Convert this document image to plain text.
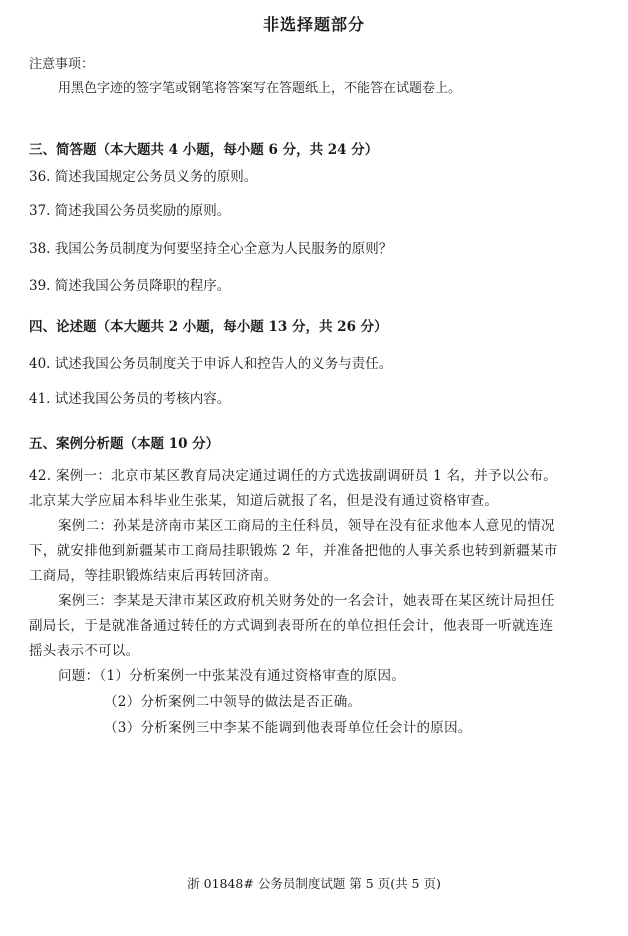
非选择题部分
注意事项：
用黑色字迹的签字笔或钢笔将答案写在答题纸上，不能答在试题卷上。
三、简答题（本大题共 4 小题，每小题 6 分，共 24 分）
36. 简述我国规定公务员义务的原则。
37. 简述我国公务员奖励的原则。
38. 我国公务员制度为何要坚持全心全意为人民服务的原则？
39. 简述我国公务员降职的程序。
四、论述题（本大题共 2 小题，每小题 13 分，共 26 分）
40. 试述我国公务员制度关于申诉人和控告人的义务与责任。
41. 试述我国公务员的考核内容。
五、案例分析题（本题 10 分）
42. 案例一：北京市某区教育局决定通过调任的方式选拔副调研员 1 名，并予以公布。
北京某大学应届本科毕业生张某，知道后就报了名，但是没有通过资格审查。
案例二：孙某是济南市某区工商局的主任科员，领导在没有征求他本人意见的情况
下，就安排他到新疆某市工商局挂职锻炼 2 年，并准备把他的人事关系也转到新疆某市
工商局，等挂职锻炼结束后再转回济南。
案例三：李某是天津市某区政府机关财务处的一名会计，她表哥在某区统计局担任
副局长，于是就准备通过转任的方式调到表哥所在的单位担任会计，他表哥一听就连连
摇头表示不可以。
问题：（1）分析案例一中张某没有通过资格审查的原因。
（2）分析案例二中领导的做法是否正确。
（3）分析案例三中李某不能调到他表哥单位任会计的原因。
浙 01848# 公务员制度试题 第 5 页(共 5 页)
